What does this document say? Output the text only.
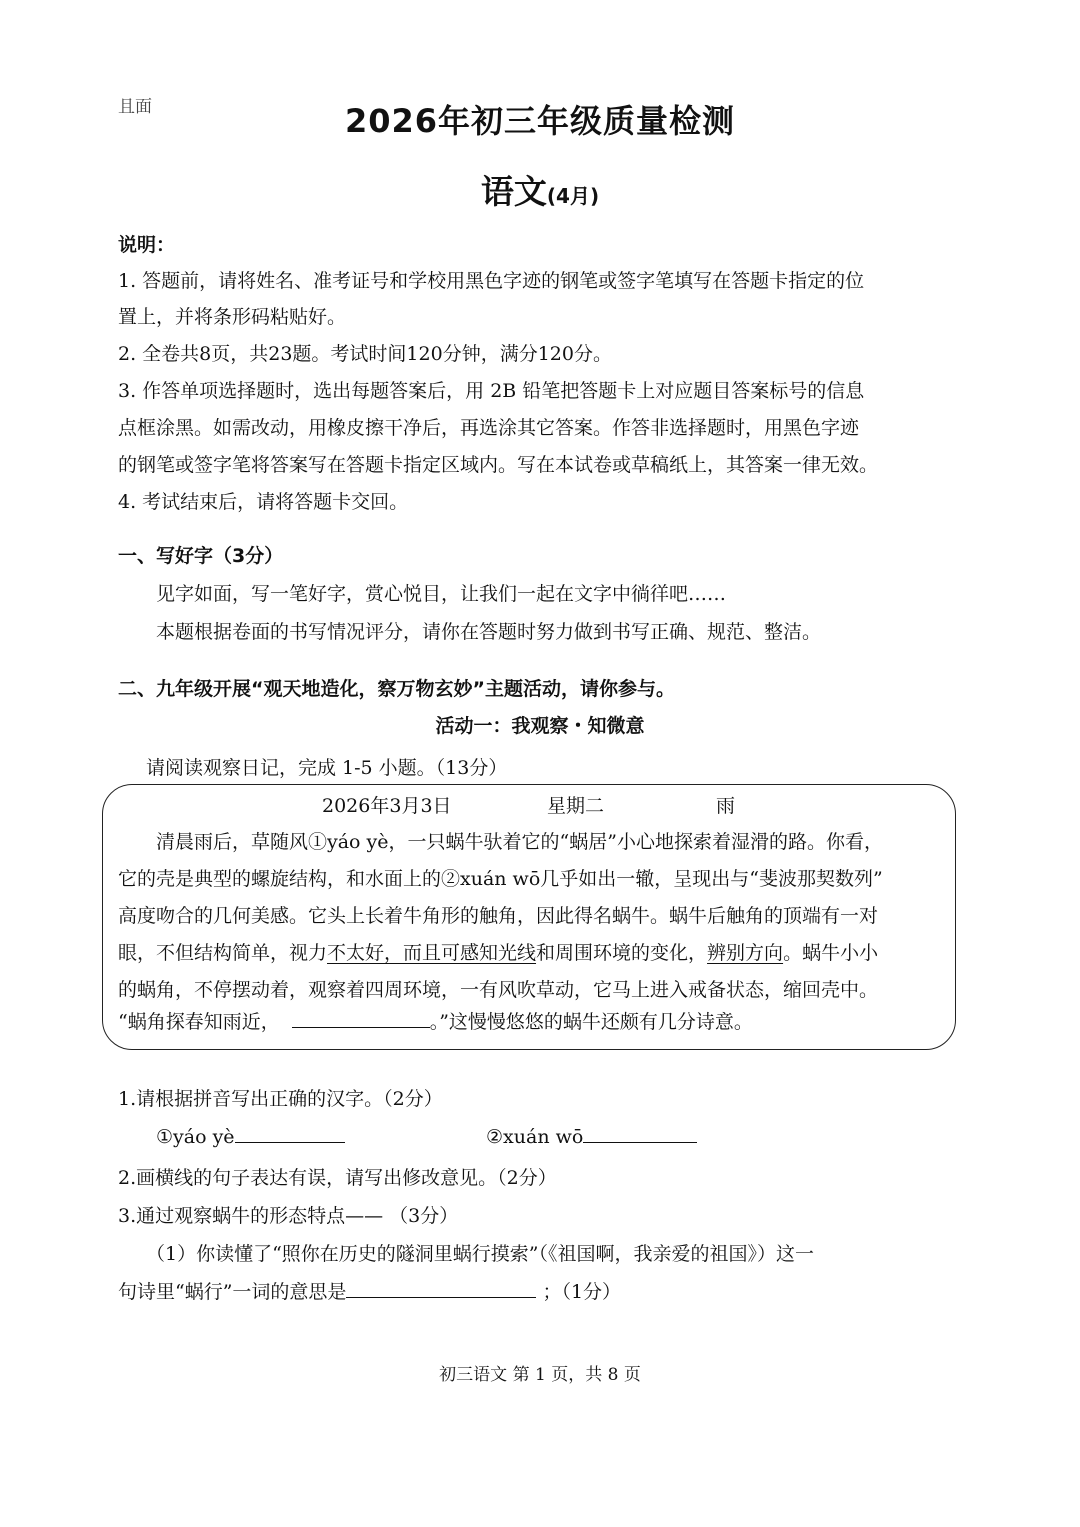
且面	2026年初三年级质量检测
语文(4月)
说明：
1. 答题前，请将姓名、准考证号和学校用黑色字迹的钢笔或签字笔填写在答题卡指定的位
置上，并将条形码粘贴好。
2. 全卷共8页，共23题。考试时间120分钟，满分120分。
3. 作答单项选择题时，选出每题答案后，用 2B 铅笔把答题卡上对应题目答案标号的信息
点框涂黑。如需改动，用橡皮擦干净后，再选涂其它答案。作答非选择题时，用黑色字迹
的钢笔或签字笔将答案写在答题卡指定区域内。写在本试卷或草稿纸上，其答案一律无效。
4. 考试结束后，请将答题卡交回。
一、写好字（3分）
见字如面，写一笔好字，赏心悦目，让我们一起在文字中徜徉吧……
本题根据卷面的书写情况评分，请你在答题时努力做到书写正确、规范、整洁。
二、九年级开展“观天地造化，察万物玄妙”主题活动，请你参与。
活动一：我观察・知微意
请阅读观察日记，完成 1-5 小题。（13分）
2026年3月3日	星期二	雨
清晨雨后，草随风①yáo yè，一只蜗牛驮着它的“蜗居”小心地探索着湿滑的路。你看，
它的壳是典型的螺旋结构，和水面上的②xuán wō几乎如出一辙，呈现出与“斐波那契数列”
高度吻合的几何美感。它头上长着牛角形的触角，因此得名蜗牛。蜗牛后触角的顶端有一对
眼，不但结构简单，视力不太好，而且可感知光线和周围环境的变化，辨别方向。蜗牛小小
的蜗角，不停摆动着，观察着四周环境，一有风吹草动，它马上进入戒备状态，缩回壳中。
“蜗角探春知雨近，	。”这慢慢悠悠的蜗牛还颇有几分诗意。
1.请根据拼音写出正确的汉字。（2分）
①yáo yè	②xuán wō
2.画横线的句子表达有误，请写出修改意见。（2分）
3.通过观察蜗牛的形态特点—— （3分）
（1）你读懂了“照你在历史的隧洞里蜗行摸索”（《祖国啊，我亲爱的祖国》）这一
句诗里“蜗行”一词的意思是	；（1分）
初三语文 第 1 页，共 8 页
